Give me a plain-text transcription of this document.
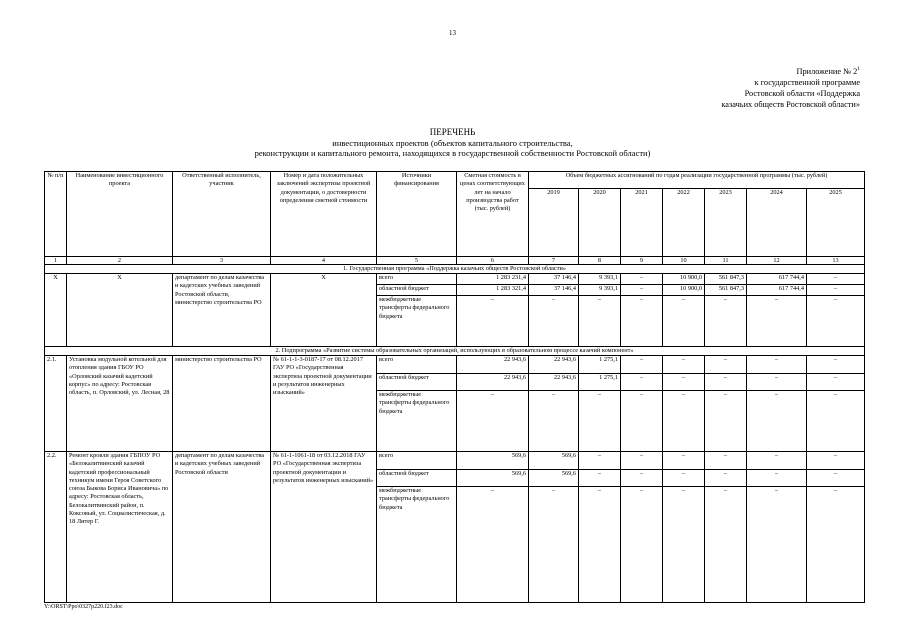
13
Приложение № $2^1$
к государственной программе
Ростовской области «Поддержка
казачьих обществ Ростовской области»
ПЕРЕЧЕНЬ
инвестиционных проектов (объектов капитального строительства,
реконструкции и капитального ремонта, находящихся в государственной собственности Ростовской области)
№ п/п	Наименование инвестиционного проекта	Ответственный исполнитель, участник	Номер и дата положительных заключений экспертизы проектной документации, о достоверности определения сметной стоимости	Источники финансирования	Сметная стоимость в ценах соответствующих лет на начало производства работ (тыс. рублей)	Объем бюджетных ассигнований по годам реализации государственной программы (тыс. рублей)						
						2019	2020	2021	2022	2023	2024	2025
1	2	3	4	5	6	7	8	9	10	11	12	13
1. Государственная программа «Поддержка казачьих обществ Ростовской области»												
Х	Х	департамент по делам казачества и кадетских учебных заведений Ростовской области, министерство строительства РО	Х	всего	1 283 231,4	37 146,4	9 393,1	–	10 900,0	561 847,3	617 744,4	–
				областной бюджет	1 283 321,4	37 146,4	9 393,1	–	10 900,0	561 847,3	617 744,4	–
				межбюджетные трансферты федерального бюджета	–	–	–	–	–	–	–	–
2. Подпрограмма «Развитие системы образовательных организаций, использующих в образовательном процессе казачий компонент»												
2.1.	Установка модульной котельной для отопления здания ГБОУ РО «Орловский казачий кадетский корпус» по адресу: Ростовская область, п. Орловский, ул. Лесная, 28	министерство строительства РО	№ 61-1-1-3-0187-17 от 08.12.2017 ГАУ РО «Государственная экспертиза проектной документации и результатов инженерных изысканий»	всего	22 943,6	22 943,6	1 275,1	–	–	–	–	–
				областной бюджет	22 943,6	22 943,6	1 275,1	–	–	–	–	–
				межбюджетные трансферты федерального бюджета	–	–	–	–	–	–	–	–
2.2.	Ремонт кровли здания ГБПОУ РО «Белокалитвинский казачий кадетский профессиональный техникум имени Героя Советского союза Быкова Бориса Ивановича» по адресу: Ростовская область, Белокалитвинский район, п. Коксовый, ул. Социалистическая, д. 18 Литер Г.	департамент по делам казачества и кадетских учебных заведений Ростовской области	№ 61-1-1061-18 от 03.12.2018 ГАУ РО «Государственная экспертиза проектной документации и результатов инженерных изысканий»	всего	569,6	569,6	–	–	–	–	–	–
				областной бюджет	569,6	569,6	–	–	–	–	–	–
				межбюджетные трансферты федерального бюджета	–	–	–	–	–	–	–	–
Y:\ORST\Ppo\0327p220.f23.doc
